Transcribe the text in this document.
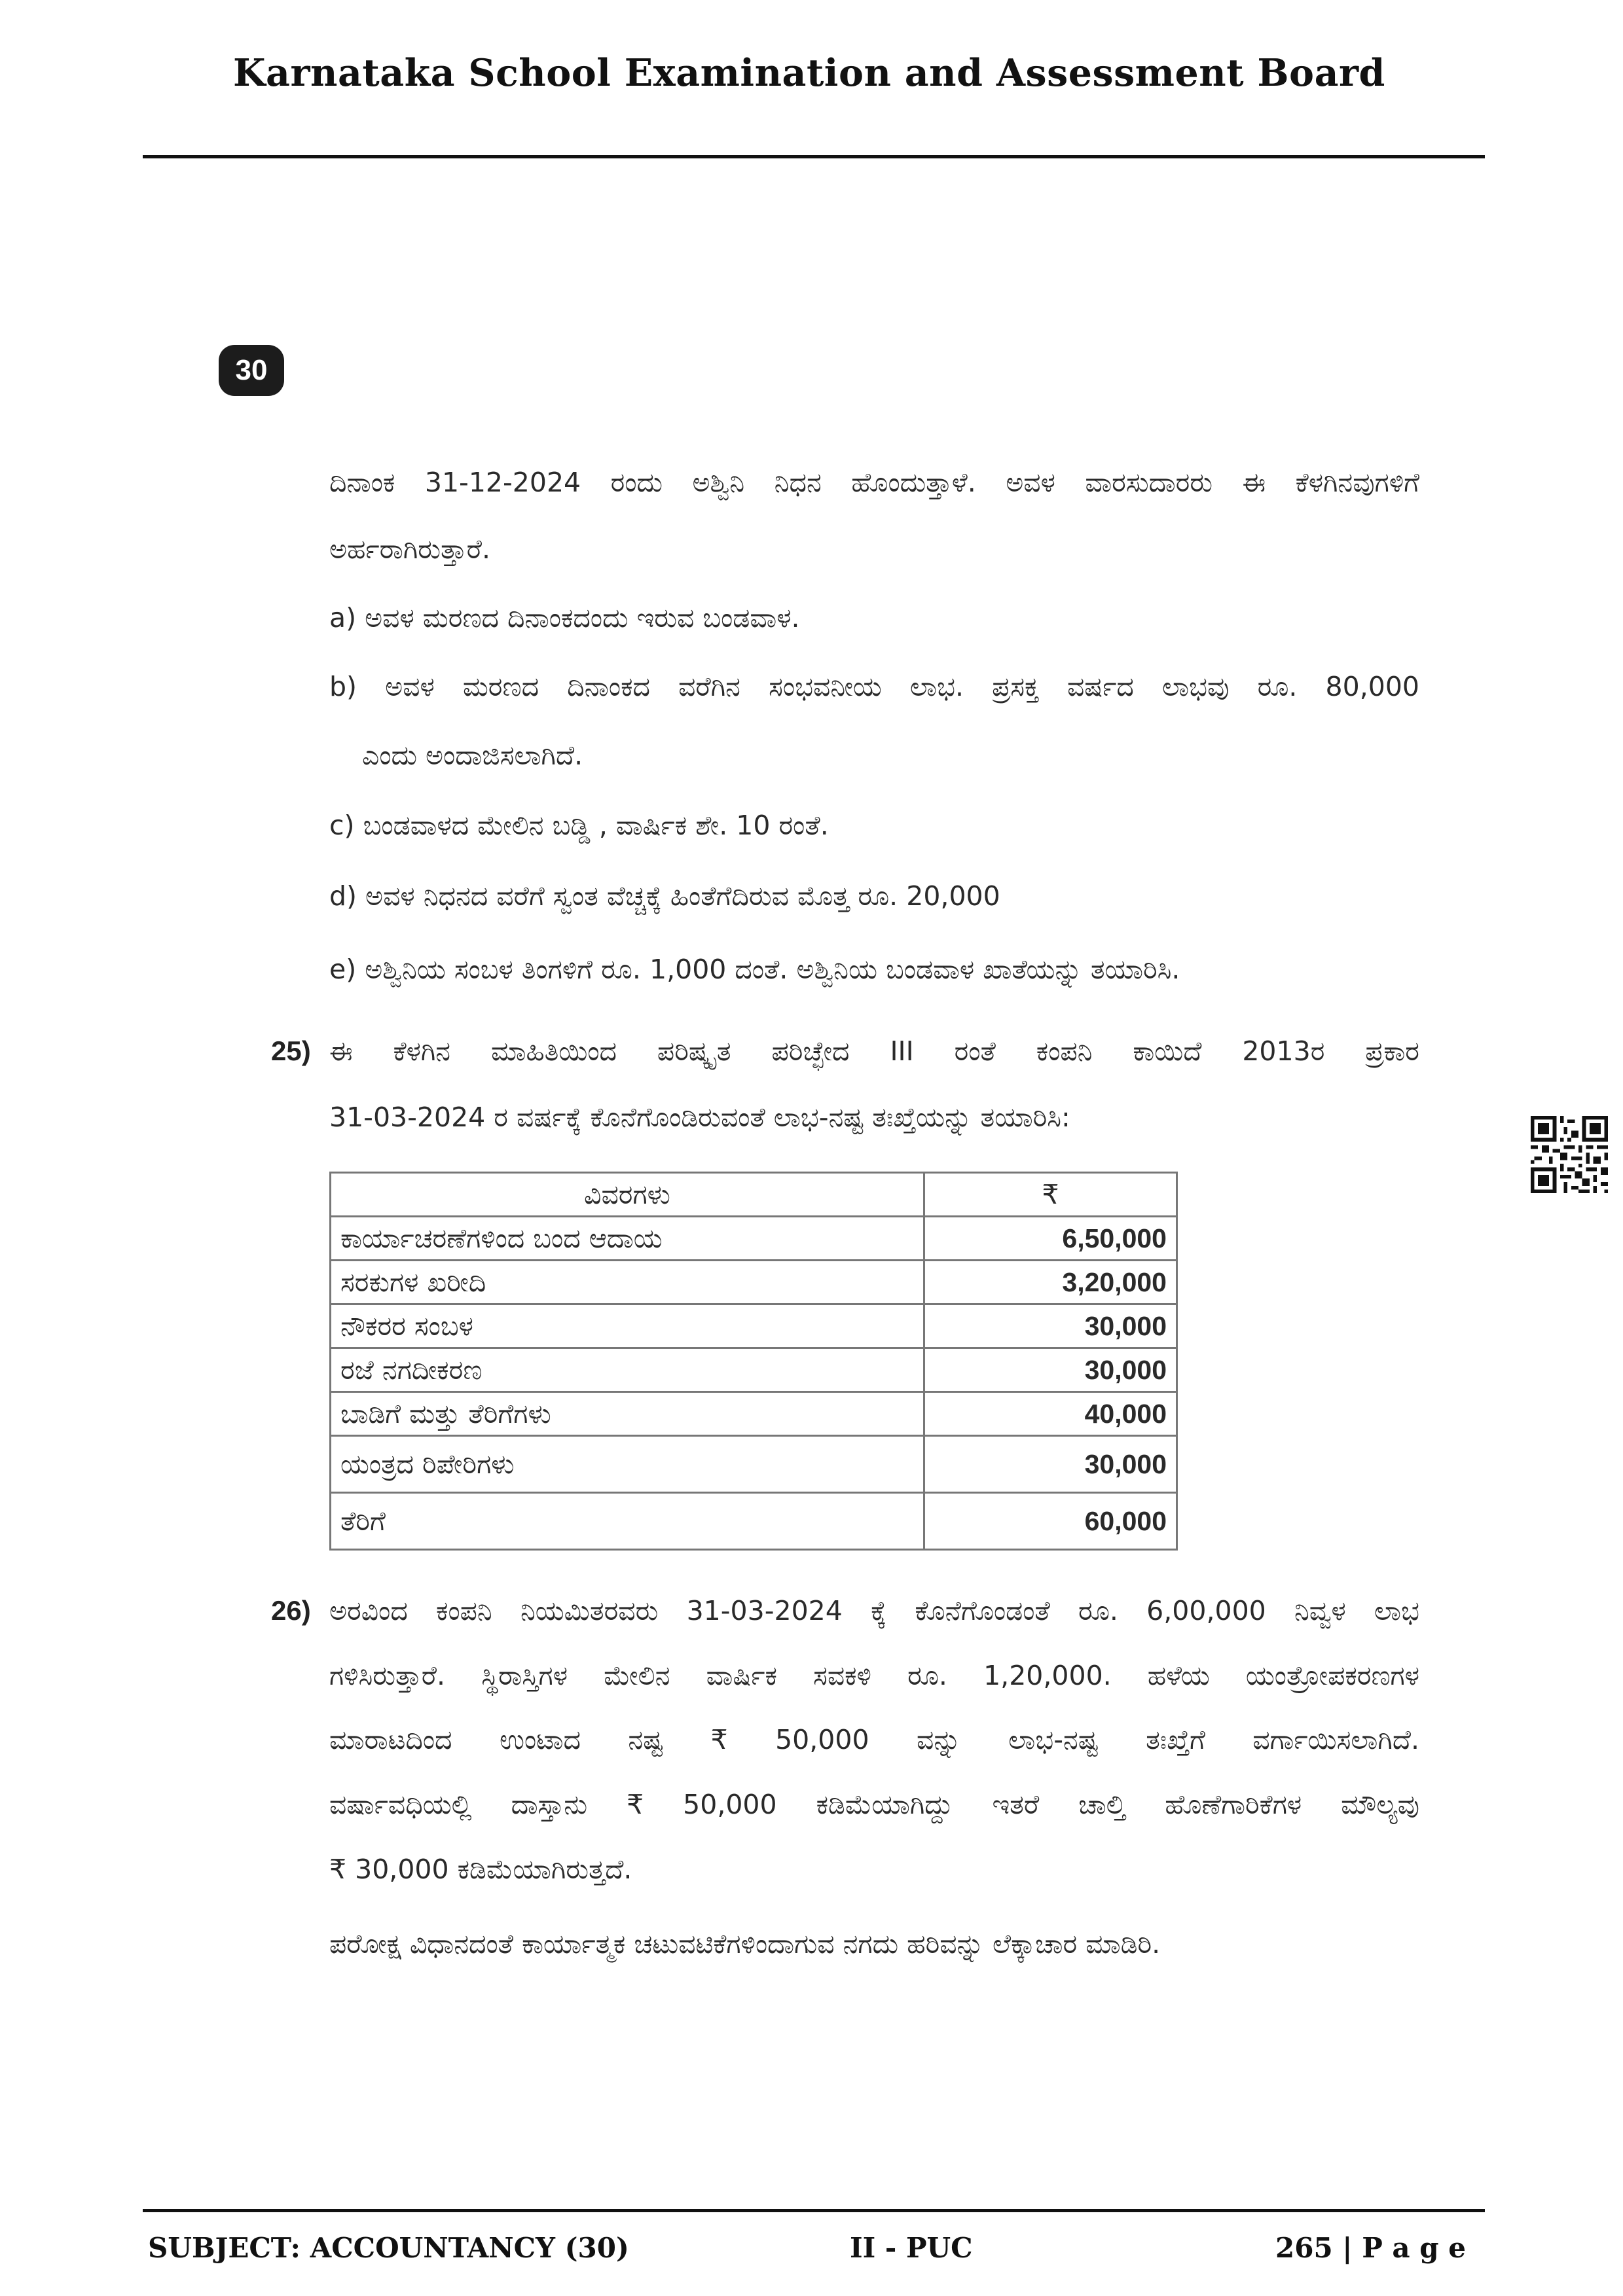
Karnataka School Examination and Assessment Board
30
ದಿನಾಂಕ 31-12-2024 ರಂದು ಅಶ್ವಿನಿ ನಿಧನ ಹೊಂದುತ್ತಾಳೆ. ಅವಳ ವಾರಸುದಾರರು ಈ ಕೆಳಗಿನವುಗಳಿಗೆ
ಅರ್ಹರಾಗಿರುತ್ತಾರೆ.
a) ಅವಳ ಮರಣದ ದಿನಾಂಕದಂದು ಇರುವ ಬಂಡವಾಳ.
b) ಅವಳ ಮರಣದ ದಿನಾಂಕದ ವರೆಗಿನ ಸಂಭವನೀಯ ಲಾಭ. ಪ್ರಸಕ್ತ ವರ್ಷದ ಲಾಭವು ರೂ. 80,000
ಎಂದು ಅಂದಾಜಿಸಲಾಗಿದೆ.
c) ಬಂಡವಾಳದ ಮೇಲಿನ ಬಡ್ಡಿ , ವಾರ್ಷಿಕ ಶೇ. 10 ರಂತೆ.
d) ಅವಳ ನಿಧನದ ವರೆಗೆ ಸ್ವಂತ ವೆಚ್ಚಕ್ಕೆ ಹಿಂತೆಗೆದಿರುವ ಮೊತ್ತ ರೂ. 20,000
e) ಅಶ್ವಿನಿಯ ಸಂಬಳ ತಿಂಗಳಿಗೆ ರೂ. 1,000 ದಂತೆ. ಅಶ್ವಿನಿಯ ಬಂಡವಾಳ ಖಾತೆಯನ್ನು ತಯಾರಿಸಿ.
25) ಈ ಕೆಳಗಿನ ಮಾಹಿತಿಯಿಂದ ಪರಿಷ್ಕೃತ ಪರಿಚ್ಛೇದ III ರಂತೆ ಕಂಪನಿ ಕಾಯಿದೆ 2013ರ ಪ್ರಕಾರ
31-03-2024 ರ ವರ್ಷಕ್ಕೆ ಕೊನೆಗೊಂಡಿರುವಂತೆ ಲಾಭ-ನಷ್ಟ ತಃಖ್ತೆಯನ್ನು ತಯಾರಿಸಿ:
ವಿವರಗಳು	₹
ಕಾರ್ಯಾಚರಣೆಗಳಿಂದ ಬಂದ ಆದಾಯ	6,50,000
ಸರಕುಗಳ ಖರೀದಿ	3,20,000
ನೌಕರರ ಸಂಬಳ	30,000
ರಜೆ ನಗದೀಕರಣ	30,000
ಬಾಡಿಗೆ ಮತ್ತು ತೆರಿಗೆಗಳು	40,000
ಯಂತ್ರದ ರಿಪೇರಿಗಳು	30,000
ತೆರಿಗೆ	60,000
26) ಅರವಿಂದ ಕಂಪನಿ ನಿಯಮಿತರವರು 31-03-2024 ಕ್ಕೆ ಕೊನೆಗೊಂಡಂತೆ ರೂ. 6,00,000 ನಿವ್ವಳ ಲಾಭ
ಗಳಿಸಿರುತ್ತಾರೆ. ಸ್ಥಿರಾಸ್ತಿಗಳ ಮೇಲಿನ ವಾರ್ಷಿಕ ಸವಕಳಿ ರೂ. 1,20,000. ಹಳೆಯ ಯಂತ್ರೋಪಕರಣಗಳ
ಮಾರಾಟದಿಂದ ಉಂಟಾದ ನಷ್ಟ ₹ 50,000 ವನ್ನು ಲಾಭ-ನಷ್ಟ ತಃಖ್ತೆಗೆ ವರ್ಗಾಯಿಸಲಾಗಿದೆ.
ವರ್ಷಾವಧಿಯಲ್ಲಿ ದಾಸ್ತಾನು ₹ 50,000 ಕಡಿಮೆಯಾಗಿದ್ದು ಇತರೆ ಚಾಲ್ತಿ ಹೊಣೆಗಾರಿಕೆಗಳ ಮೌಲ್ಯವು
₹ 30,000 ಕಡಿಮೆಯಾಗಿರುತ್ತದೆ.
ಪರೋಕ್ಷ ವಿಧಾನದಂತೆ ಕಾರ್ಯಾತ್ಮಕ ಚಟುವಟಿಕೆಗಳಿಂದಾಗುವ ನಗದು ಹರಿವನ್ನು ಲೆಕ್ಕಾಚಾರ ಮಾಡಿರಿ.
SUBJECT: ACCOUNTANCY (30)	II - PUC	265 | P a g e
